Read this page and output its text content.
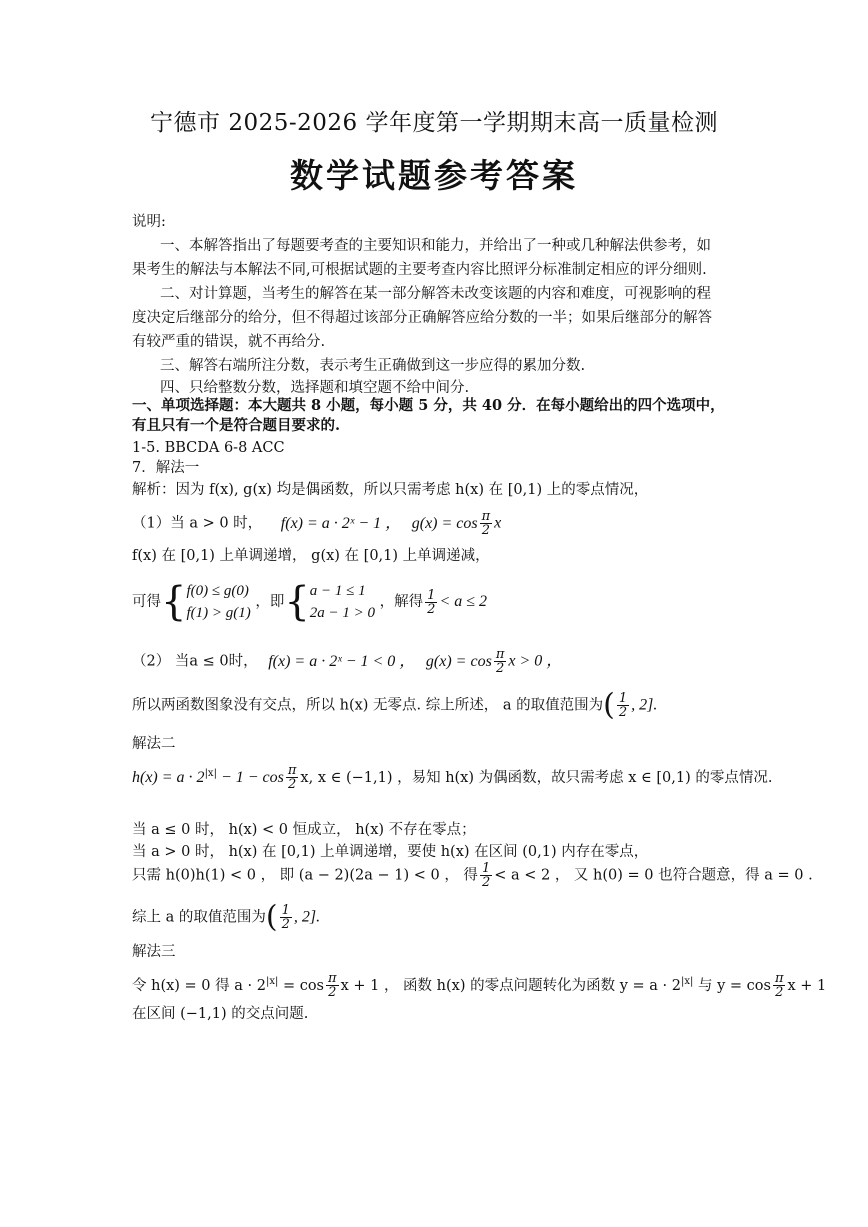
宁德市 2025-2026 学年度第一学期期末高一质量检测
数学试题参考答案
说明:
一、本解答指出了每题要考查的主要知识和能力，并给出了一种或几种解法供参考，如
果考生的解法与本解法不同,可根据试题的主要考查内容比照评分标准制定相应的评分细则.
二、对计算题，当考生的解答在某一部分解答未改变该题的内容和难度，可视影响的程
度决定后继部分的给分，但不得超过该部分正确解答应给分数的一半；如果后继部分的解答
有较严重的错误，就不再给分.
三、解答右端所注分数，表示考生正确做到这一步应得的累加分数.
四、只给整数分数，选择题和填空题不给中间分.
一、单项选择题：本大题共 8 小题，每小题 5 分，共 40 分．在每小题给出的四个选项中，
有且只有一个是符合题目要求的.
1-5. BBCDA 6-8 ACC
7．解法一
解析：因为 f(x), g(x) 均是偶函数，所以只需考虑 h(x) 在 [0,1) 上的零点情况，
（1）当 a > 0 时， f(x) = a · 2ˣ − 1 ， $g(x) = \cos \frac{\pi}{2}$ x
f(x) 在 [0,1) 上单调递增， g(x) 在 [0,1) 上单调递减，
可得{ f(0) ≤ g(0)
f(1) > g(1)
，即{ a − 1 ≤ 1
2a − 1 > 0
，解得 $\frac{1}{2} < a \le 2$
（2） 当a ≤ 0时， f(x) = a · 2ˣ − 1 < 0 ， $g(x) = \cos \frac{\pi}{2}$ x > 0 ，
所以两函数图象没有交点，所以 h(x) 无零点. 综上所述， a 的取值范围为( $\frac{1}{2}$ , 2].
解法二
$h(x) = a \cdot 2^{|x|} - 1 - \cos \frac{\pi}{2} x$, x ∈ (−1,1) ，易知 h(x) 为偶函数，故只需考虑 x ∈ [0,1) 的零点情况.
当 a ≤ 0 时， h(x) < 0 恒成立， h(x) 不存在零点；
当 a > 0 时， h(x) 在 [0,1) 上单调递增，要使 h(x) 在区间 (0,1) 内存在零点，
只需 h(0)h(1) < 0 ， 即 (a − 2)(2a − 1) < 0 ， 得 $\frac{1}{2} < a < 2$ ， 又 h(0) = 0 也符合题意，得 a = 0 .
综上 a 的取值范围为( $\frac{1}{2}$ , 2].
解法三
令 h(x) = 0 得 $a \cdot 2^{|x|} = \cos \frac{\pi}{2}$ x + 1 ， 函数 h(x) 的零点问题转化为函数 $y = a \cdot 2^{|x|}$ 与 $y = \cos \frac{\pi}{2}$ x + 1
在区间 (−1,1) 的交点问题.
